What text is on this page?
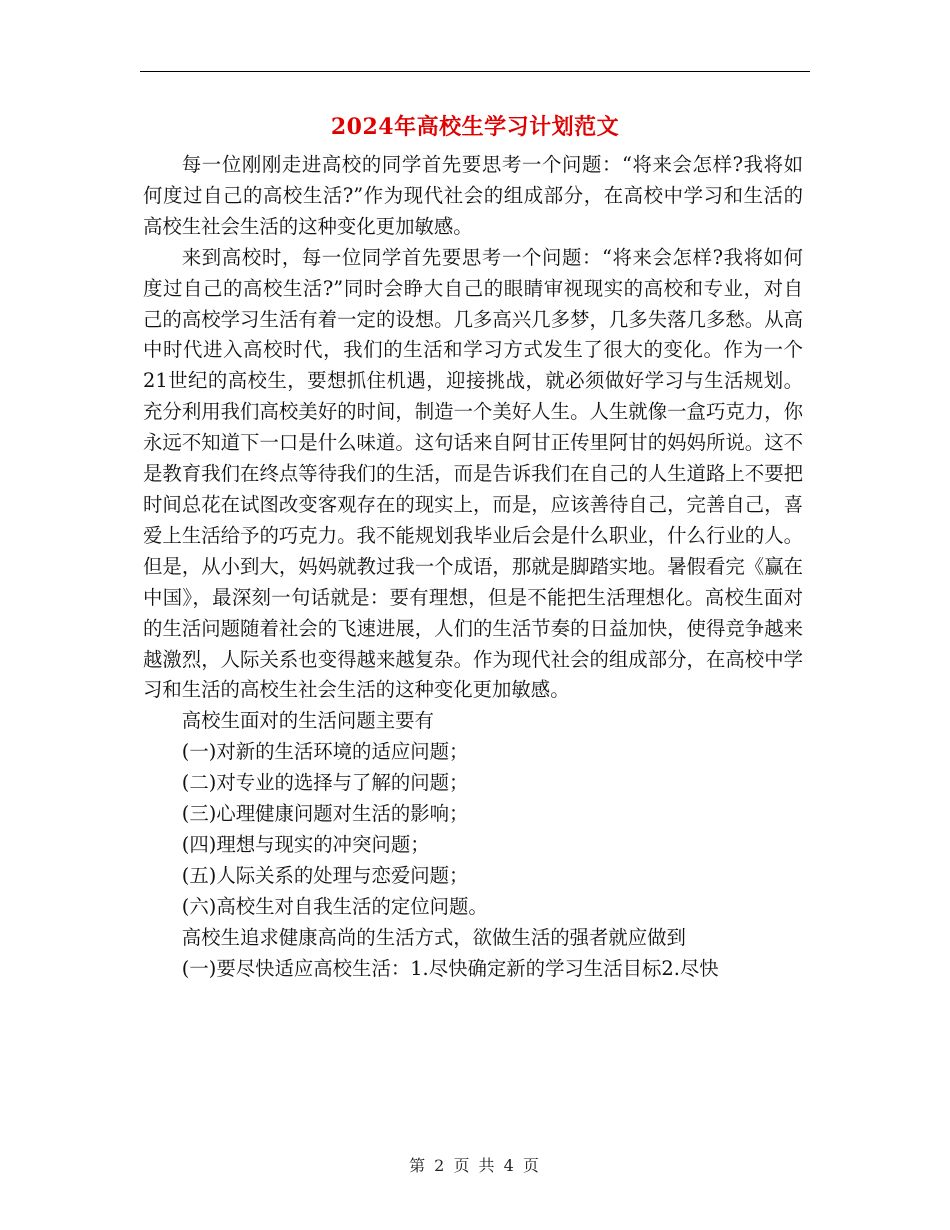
2024年高校生学习计划范文

每一位刚刚走进高校的同学首先要思考一个问题：“将来会怎样?我将如何度过自己的高校生活?”作为现代社会的组成部分，在高校中学习和生活的高校生社会生活的这种变化更加敏感。

来到高校时，每一位同学首先要思考一个问题：“将来会怎样?我将如何度过自己的高校生活?”同时会睁大自己的眼睛审视现实的高校和专业，对自己的高校学习生活有着一定的设想。几多高兴几多梦，几多失落几多愁。从高中时代进入高校时代，我们的生活和学习方式发生了很大的变化。作为一个21世纪的高校生，要想抓住机遇，迎接挑战，就必须做好学习与生活规划。充分利用我们高校美好的时间，制造一个美好人生。人生就像一盒巧克力，你永远不知道下一口是什么味道。这句话来自阿甘正传里阿甘的妈妈所说。这不是教育我们在终点等待我们的生活，而是告诉我们在自己的人生道路上不要把时间总花在试图改变客观存在的现实上，而是，应该善待自己，完善自己，喜爱上生活给予的巧克力。我不能规划我毕业后会是什么职业，什么行业的人。但是，从小到大，妈妈就教过我一个成语，那就是脚踏实地。暑假看完《赢在中国》，最深刻一句话就是：要有理想，但是不能把生活理想化。高校生面对的生活问题随着社会的飞速进展，人们的生活节奏的日益加快，使得竞争越来越激烈，人际关系也变得越来越复杂。作为现代社会的组成部分，在高校中学习和生活的高校生社会生活的这种变化更加敏感。

高校生面对的生活问题主要有

(一)对新的生活环境的适应问题；

(二)对专业的选择与了解的问题；

(三)心理健康问题对生活的影响；

(四)理想与现实的冲突问题；

(五)人际关系的处理与恋爱问题；

(六)高校生对自我生活的定位问题。

高校生追求健康高尚的生活方式，欲做生活的强者就应做到

(一)要尽快适应高校生活：1.尽快确定新的学习生活目标2.尽快

第 2 页 共 4 页
